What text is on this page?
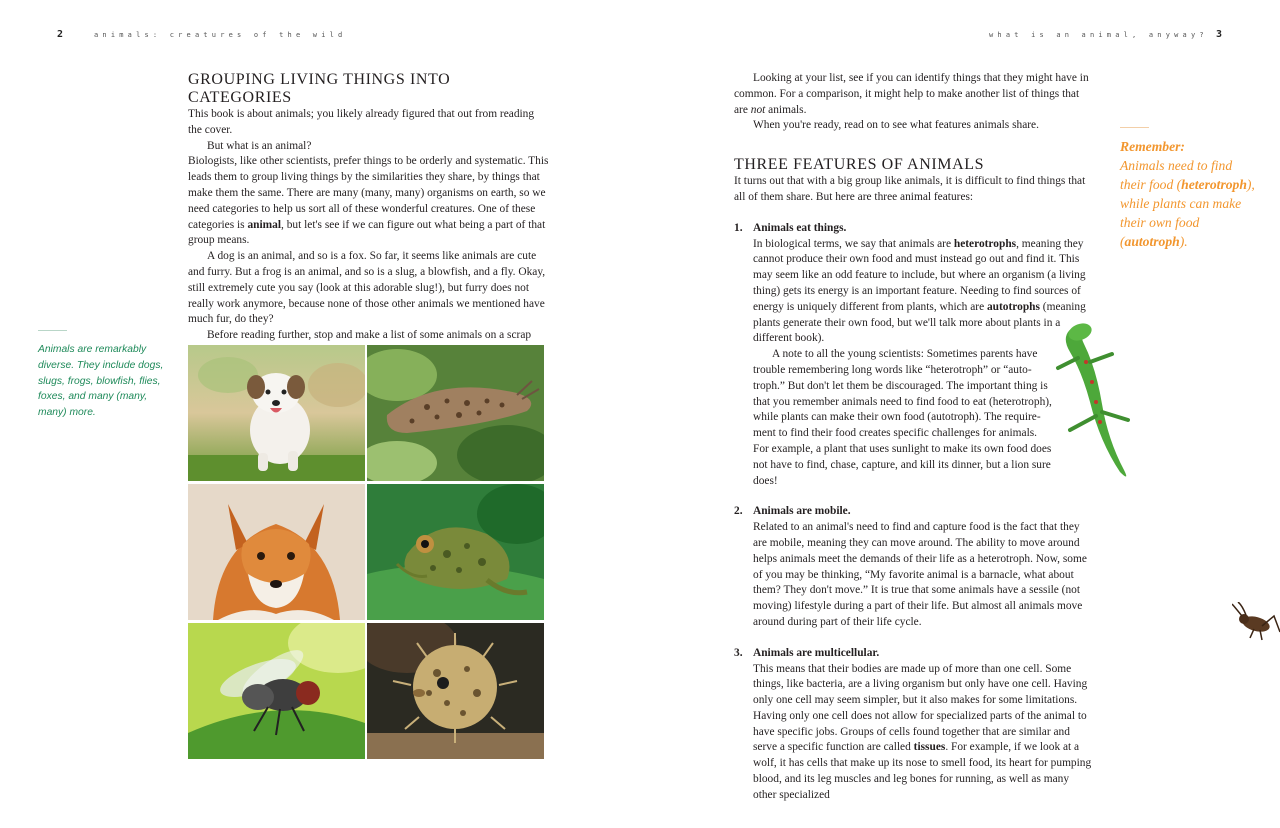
2	animals: creatures of the wild
GROUPING LIVING THINGS INTO CATEGORIES

This book is about animals; you likely already figured that out from reading the cover.

But what is an animal?

Biologists, like other scientists, prefer things to be orderly and systematic. This leads them to group living things by the similarities they share, by things that make them the same. There are many (many, many) organisms on earth, so we need categories to help us sort all of these wonderful creatures. One of these categories is animal, but let's see if we can figure out what being a part of that group means.

A dog is an animal, and so is a fox. So far, it seems like animals are cute and furry. But a frog is an animal, and so is a slug, a blowfish, and a fly. Okay, still extremely cute you say (look at this adorable slug!), but furry does not really work anymore, because none of those other animals we mentioned have much fur, do they?

Before reading further, stop and make a list of some animals on a scrap

Animals are remarkably diverse. They include dogs, slugs, frogs, blowfish, flies, foxes, and many (many, many) more.
what is an animal, anyway? 3

Looking at your list, see if you can identify things that they might have in common. For a comparison, it might help to make another list of things that are not animals.

When you're ready, read on to see what features animals share.

THREE FEATURES OF ANIMALS

It turns out that with a big group like animals, it is difficult to find things that all of them share. But here are three animal features:

1. Animals eat things.

In biological terms, we say that animals are heterotrophs, meaning they cannot produce their own food and must instead go out and find it. This may seem like an odd feature to include, but where an organism (a living thing) gets its energy is an important feature. Needing to find sources of energy is uniquely different from plants, which are autotrophs (meaning plants generate their own food, but we'll talk more about plants in a different book).

A note to all the young scientists: Sometimes parents have trouble remembering long words like “heterotroph” or “auto-troph.” But don't let them be discouraged. The important thing is that you remember animals need to find food to eat (heterotroph), while plants can make their own food (autotroph). The require-ment to find their food creates specific challenges for animals. For example, a plant that uses sunlight to make its own food does not have to find, chase, capture, and kill its dinner, but a lion sure does!

2. Animals are mobile.

Related to an animal's need to find and capture food is the fact that they are mobile, meaning they can move around. The ability to move around helps animals meet the demands of their life as a heterotroph. Now, some of you may be thinking, “My favorite animal is a barnacle, what about them? They don't move.” It is true that some animals have a sessile (not moving) lifestyle during a part of their life. But almost all animals move around during part of their life cycle.

3. Animals are multicellular.

This means that their bodies are made up of more than one cell. Some things, like bacteria, are a living organism but only have one cell. Having only one cell may seem simpler, but it also makes for some limitations. Having only one cell does not allow for specialized parts of the animal to have specific jobs. Groups of cells found together that are similar and serve a specific function are called tissues. For example, if we look at a wolf, it has cells that make up its nose to smell food, its heart for pumping blood, and its leg muscles and leg bones for running, as well as many other specialized

Remember:
Animals need to find their food (heterotroph), while plants can make their own food (autotroph).
